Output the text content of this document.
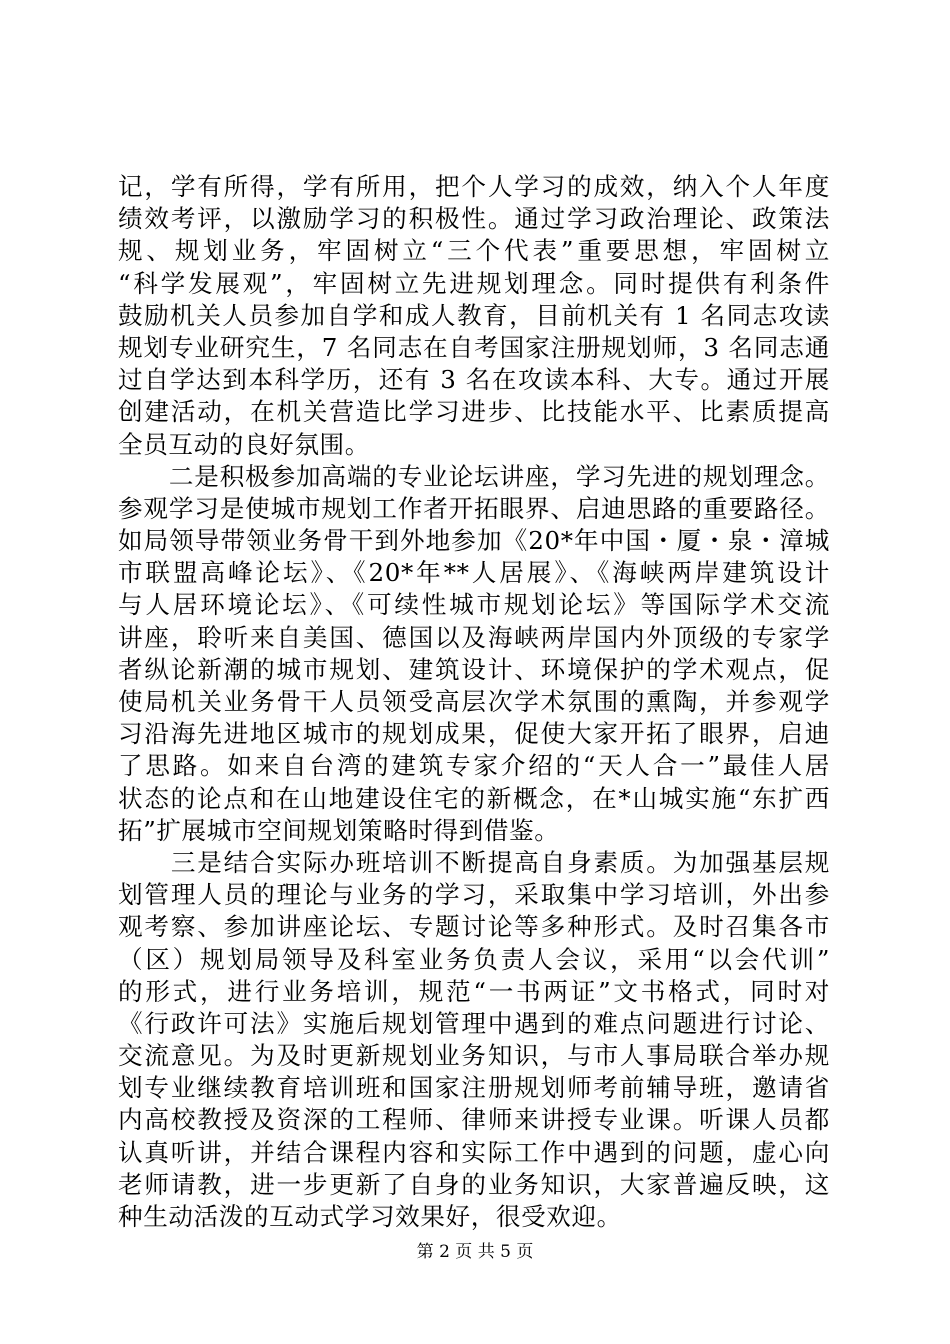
记，学有所得，学有所用，把个人学习的成效，纳入个人年度
绩效考评，以激励学习的积极性。通过学习政治理论、政策法
规、规划业务，牢固树立“三个代表”重要思想，牢固树立
“科学发展观”，牢固树立先进规划理念。同时提供有利条件
鼓励机关人员参加自学和成人教育，目前机关有 1 名同志攻读
规划专业研究生，7 名同志在自考国家注册规划师，3 名同志通
过自学达到本科学历，还有 3 名在攻读本科、大专。通过开展
创建活动，在机关营造比学习进步、比技能水平、比素质提高
全员互动的良好氛围。
　　二是积极参加高端的专业论坛讲座，学习先进的规划理念。
参观学习是使城市规划工作者开拓眼界、启迪思路的重要路径。
如局领导带领业务骨干到外地参加《20*年中国・厦・泉・漳城
市联盟高峰论坛》、《20*年**人居展》、《海峡两岸建筑设计
与人居环境论坛》、《可续性城市规划论坛》等国际学术交流
讲座，聆听来自美国、德国以及海峡两岸国内外顶级的专家学
者纵论新潮的城市规划、建筑设计、环境保护的学术观点，促
使局机关业务骨干人员领受高层次学术氛围的熏陶，并参观学
习沿海先进地区城市的规划成果，促使大家开拓了眼界，启迪
了思路。如来自台湾的建筑专家介绍的“天人合一”最佳人居
状态的论点和在山地建设住宅的新概念，在*山城实施“东扩西
拓”扩展城市空间规划策略时得到借鉴。
　　三是结合实际办班培训不断提高自身素质。为加强基层规
划管理人员的理论与业务的学习，采取集中学习培训，外出参
观考察、参加讲座论坛、专题讨论等多种形式。及时召集各市
（区）规划局领导及科室业务负责人会议，采用“以会代训”
的形式，进行业务培训，规范“一书两证”文书格式，同时对
《行政许可法》实施后规划管理中遇到的难点问题进行讨论、
交流意见。为及时更新规划业务知识，与市人事局联合举办规
划专业继续教育培训班和国家注册规划师考前辅导班，邀请省
内高校教授及资深的工程师、律师来讲授专业课。听课人员都
认真听讲，并结合课程内容和实际工作中遇到的问题，虚心向
老师请教，进一步更新了自身的业务知识，大家普遍反映，这
种生动活泼的互动式学习效果好，很受欢迎。
第 2 页 共 5 页
